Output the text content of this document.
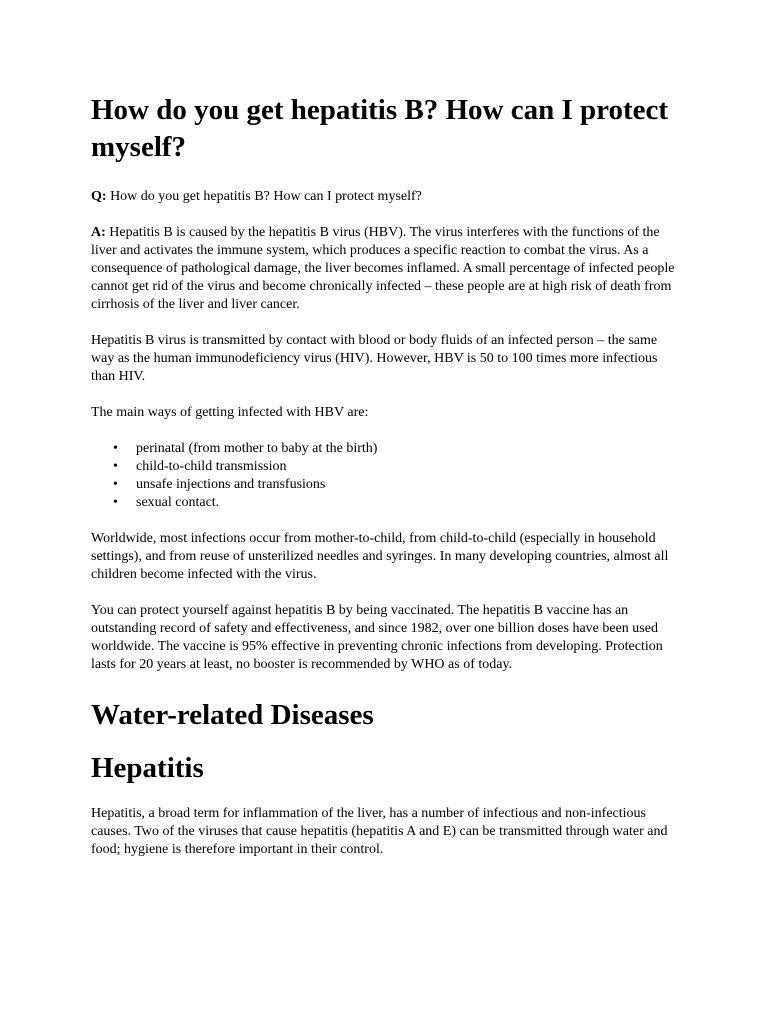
How do you get hepatitis B? How can I protect myself?

Q: How do you get hepatitis B? How can I protect myself?

A: Hepatitis B is caused by the hepatitis B virus (HBV). The virus interferes with the functions of the liver and activates the immune system, which produces a specific reaction to combat the virus. As a consequence of pathological damage, the liver becomes inflamed. A small percentage of infected people cannot get rid of the virus and become chronically infected – these people are at high risk of death from cirrhosis of the liver and liver cancer.

Hepatitis B virus is transmitted by contact with blood or body fluids of an infected person – the same way as the human immunodeficiency virus (HIV). However, HBV is 50 to 100 times more infectious than HIV.

The main ways of getting infected with HBV are:

• perinatal (from mother to baby at the birth)
• child-to-child transmission
• unsafe injections and transfusions
• sexual contact.

Worldwide, most infections occur from mother-to-child, from child-to-child (especially in household settings), and from reuse of unsterilized needles and syringes. In many developing countries, almost all children become infected with the virus.

You can protect yourself against hepatitis B by being vaccinated. The hepatitis B vaccine has an outstanding record of safety and effectiveness, and since 1982, over one billion doses have been used worldwide. The vaccine is 95% effective in preventing chronic infections from developing. Protection lasts for 20 years at least, no booster is recommended by WHO as of today.

Water-related Diseases
Hepatitis

Hepatitis, a broad term for inflammation of the liver, has a number of infectious and non-infectious causes. Two of the viruses that cause hepatitis (hepatitis A and E) can be transmitted through water and food; hygiene is therefore important in their control.
